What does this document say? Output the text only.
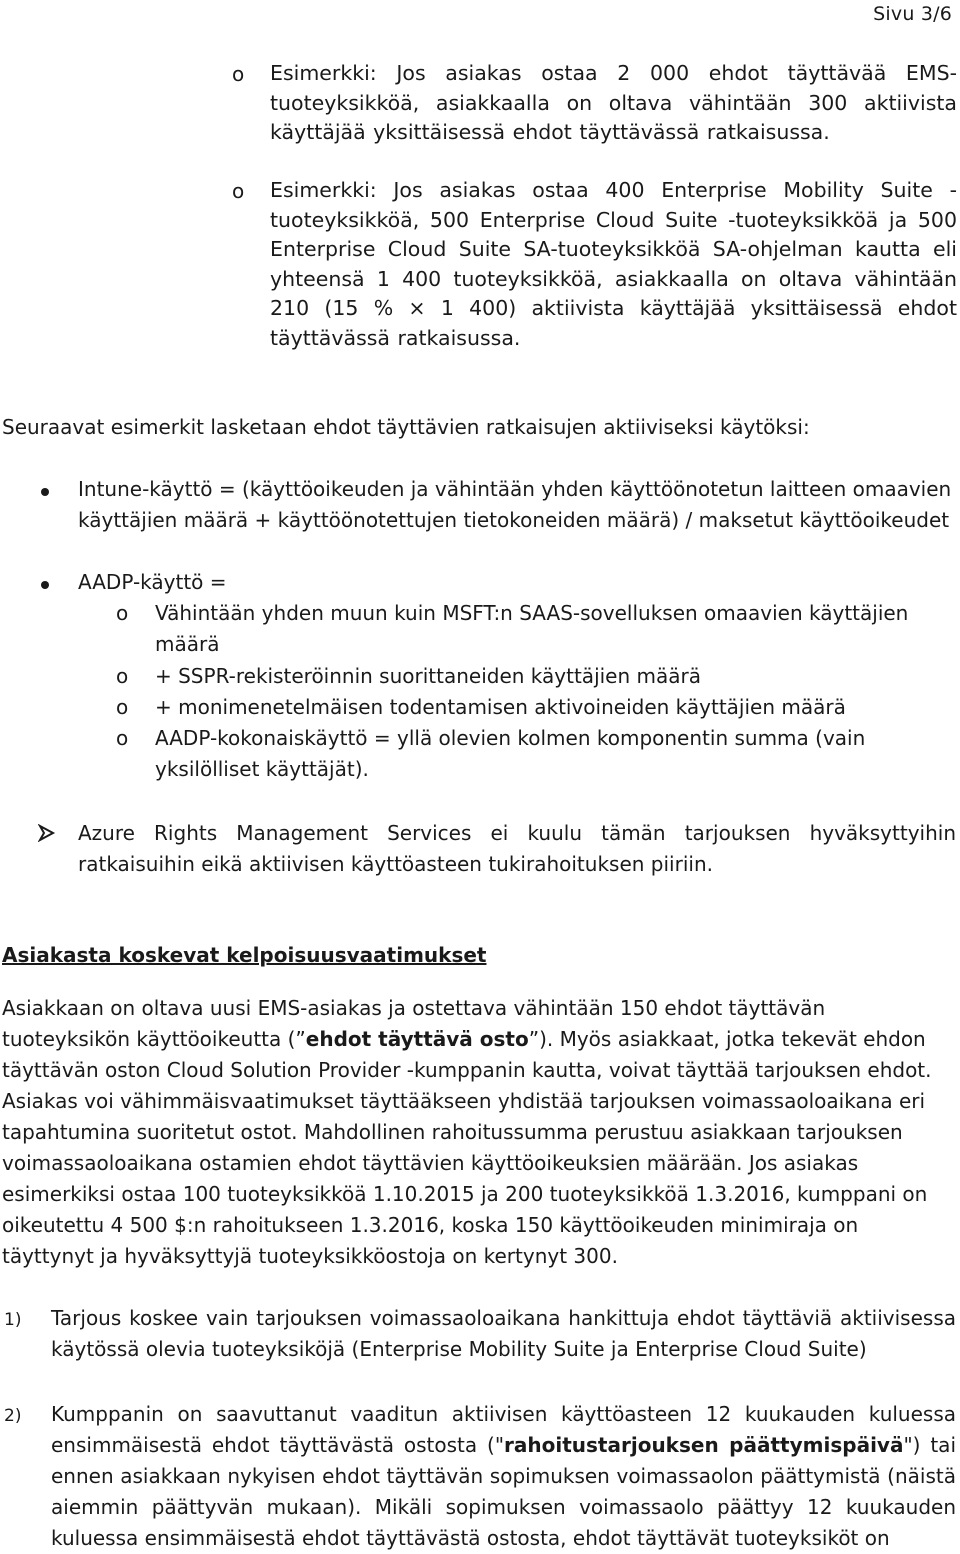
Sivu 3/6
o Esimerkki: Jos asiakas ostaa 2 000 ehdot täyttävää EMS-tuoteyksikköä, asiakkaalla on oltava vähintään 300 aktiivista käyttäjää yksittäisessä ehdot täyttävässä ratkaisussa.
o Esimerkki: Jos asiakas ostaa 400 Enterprise Mobility Suite -tuoteyksikköä, 500 Enterprise Cloud Suite -tuoteyksikköä ja 500 Enterprise Cloud Suite SA-tuoteyksikköä SA-ohjelman kautta eli yhteensä 1 400 tuoteyksikköä, asiakkaalla on oltava vähintään 210 (15 % × 1 400) aktiivista käyttäjää yksittäisessä ehdot täyttävässä ratkaisussa.
Seuraavat esimerkit lasketaan ehdot täyttävien ratkaisujen aktiiviseksi käytöksi:
Intune-käyttö = (käyttöoikeuden ja vähintään yhden käyttöönotetun laitteen omaavien käyttäjien määrä + käyttöönotettujen tietokoneiden määrä) / maksetut käyttöoikeudet
AADP-käyttö =
o Vähintään yhden muun kuin MSFT:n SAAS-sovelluksen omaavien käyttäjien määrä
o + SSPR-rekisteröinnin suorittaneiden käyttäjien määrä
o + monimenetelmäisen todentamisen aktivoineiden käyttäjien määrä
o AADP-kokonaiskäyttö = yllä olevien kolmen komponentin summa (vain yksilölliset käyttäjät).
Azure Rights Management Services ei kuulu tämän tarjouksen hyväksyttyihin ratkaisuihin eikä aktiivisen käyttöasteen tukirahoituksen piiriin.
Asiakasta koskevat kelpoisuusvaatimukset
Asiakkaan on oltava uusi EMS-asiakas ja ostettava vähintään 150 ehdot täyttävän tuoteyksikön käyttöoikeutta (”ehdot täyttävä osto”). Myös asiakkaat, jotka tekevät ehdon täyttävän oston Cloud Solution Provider -kumppanin kautta, voivat täyttää tarjouksen ehdot. Asiakas voi vähimmäisvaatimukset täyttääkseen yhdistää tarjouksen voimassaoloaikana eri tapahtumina suoritetut ostot. Mahdollinen rahoitussumma perustuu asiakkaan tarjouksen voimassaoloaikana ostamien ehdot täyttävien käyttöoikeuksien määrään. Jos asiakas esimerkiksi ostaa 100 tuoteyksikköä 1.10.2015 ja 200 tuoteyksikköä 1.3.2016, kumppani on oikeutettu 4 500 $:n rahoitukseen 1.3.2016, koska 150 käyttöoikeuden minimiraja on täyttynyt ja hyväksyttyjä tuoteyksikköostoja on kertynyt 300.
1) Tarjous koskee vain tarjouksen voimassaoloaikana hankittuja ehdot täyttäviä aktiivisessa käytössä olevia tuoteyksiköjä (Enterprise Mobility Suite ja Enterprise Cloud Suite)
2) Kumppanin on saavuttanut vaaditun aktiivisen käyttöasteen 12 kuukauden kuluessa ensimmäisestä ehdot täyttävästä ostosta ("rahoitustarjouksen päättymispäivä") tai ennen asiakkaan nykyisen ehdot täyttävän sopimuksen voimassaolon päättymistä (näistä aiemmin päättyvän mukaan). Mikäli sopimuksen voimassaolo päättyy 12 kuukauden kuluessa ensimmäisestä ehdot täyttävästä ostosta, ehdot täyttävät tuoteyksiköt on
